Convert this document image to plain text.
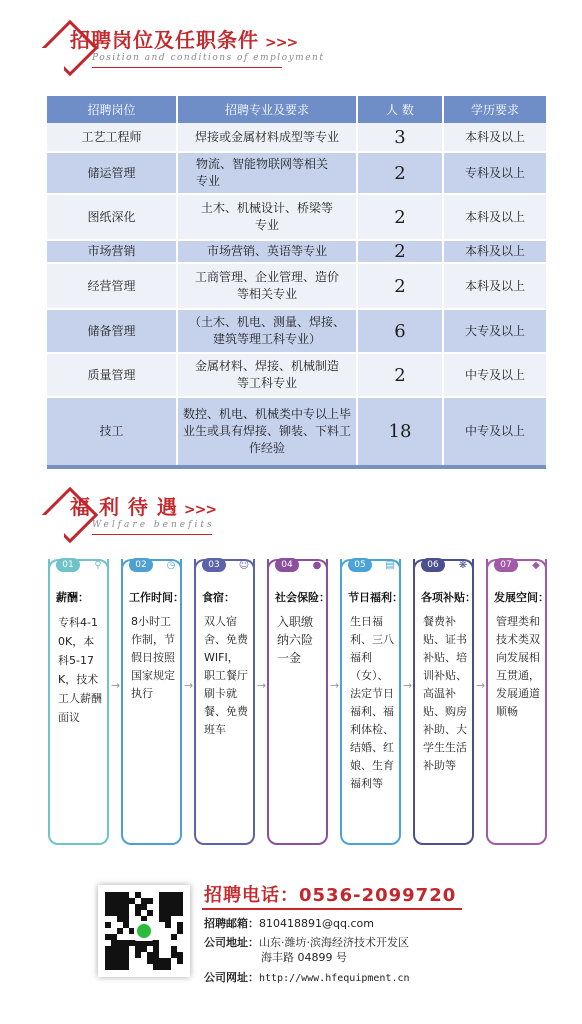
招聘岗位及任职条件 >>>
Position and conditions of employment
招聘岗位	招聘专业及要求	人 数	学历要求
工艺工程师	焊接或金属材料成型等专业	3	本科及以上
储运管理	物流、智能物联网等相关专业	2	专科及以上
图纸深化	土木、机械设计、桥梁等专业	2	本科及以上
市场营销	市场营销、英语等专业	2	本科及以上
经营管理	工商管理、企业管理、造价等相关专业	2	本科及以上
储备管理	（土木、机电、测量、焊接、建筑等理工科专业）	6	大专及以上
质量管理	金属材料、焊接、机械制造等工科专业	2	中专及以上
技工	数控、机电、机械类中专以上毕业生或具有焊接、铆装、下料工作经验	18	中专及以上
福 利 待 遇 >>>
Welfare benefits
01	⚲
薪酬：
专科4-10K，本科5-17K，技术工人薪酬面议
→
02	◷
工作时间：
8小时工作制，节假日按照国家规定执行
→
03	☺
食宿：
双人宿舍、免费WIFI，职工餐厅刷卡就餐、免费班车
→
04	●
社会保险：
入职缴纳六险一金
→
05	▤
节日福利：
生日福利、三八福利（女）、法定节日福利、福利体检、结婚、红娘、生育福利等
→
06	❋
各项补贴：
餐费补贴、证书补贴、培训补贴、高温补贴、购房补助、大学生生活补助等
→
07	◆
发展空间：
管理类和技术类双向发展相互贯通，发展通道顺畅
招聘电话：0536-2099720
招聘邮箱：810418891@qq.com
公司地址：山东·潍坊·滨海经济技术开发区
海丰路 04899 号
公司网址：http://www.hfequipment.cn
